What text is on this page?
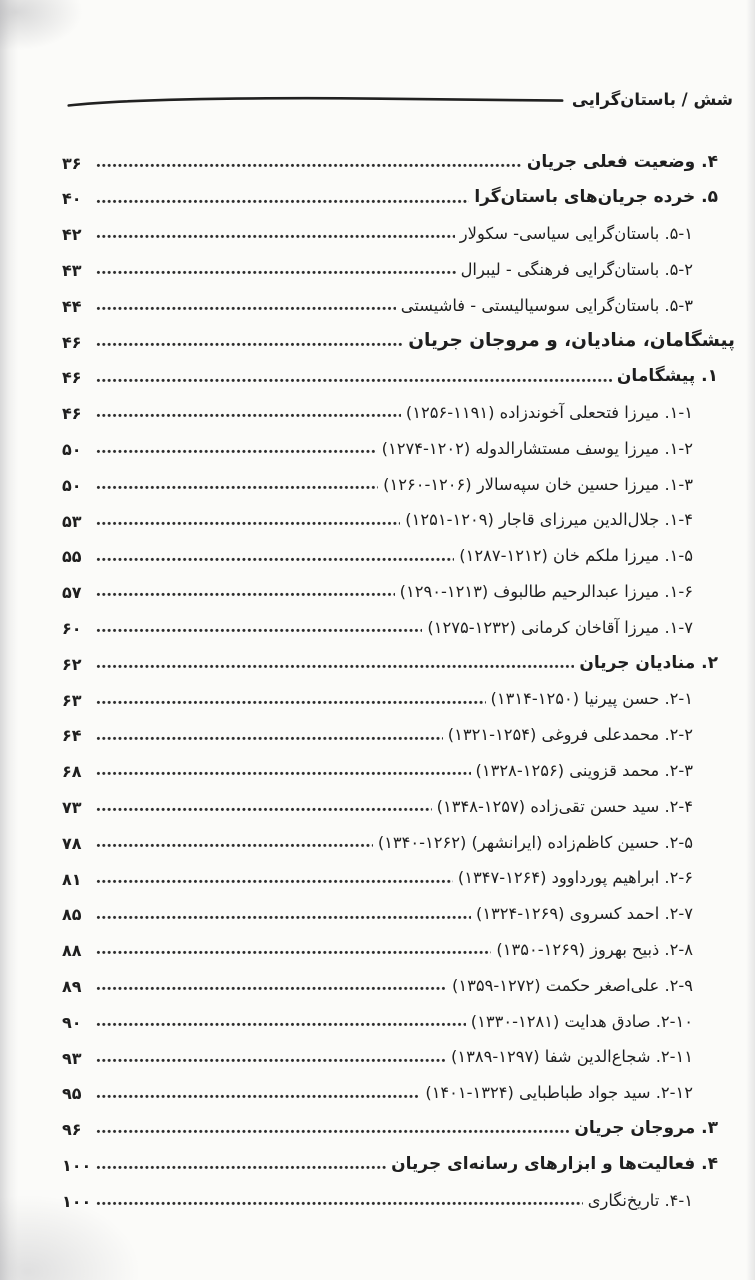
شش / باستان‌گرایی
۴. وضعیت فعلی جریان
۳۶
۵. خرده جریان‌های باستان‌گرا
۴۰
۵-۱. باستان‌گرایی سیاسی- سکولار
۴۲
۵-۲. باستان‌گرایی فرهنگی - لیبرال
۴۳
۵-۳. باستان‌گرایی سوسیالیستی - فاشیستی
۴۴
پیشگامان، منادیان، و مروجان جریان
۴۶
۱. پیشگامان
۴۶
۱-۱. میرزا فتحعلی آخوندزاده (۱۱۹۱-۱۲۵۶)
۴۶
۱-۲. میرزا یوسف مستشارالدوله (۱۲۰۲-۱۲۷۴)
۵۰
۱-۳. میرزا حسین خان سپه‌سالار (۱۲۰۶-۱۲۶۰)
۵۰
۱-۴. جلال‌الدین میرزای قاجار (۱۲۰۹-۱۲۵۱)
۵۳
۱-۵. میرزا ملکم خان (۱۲۱۲-۱۲۸۷)
۵۵
۱-۶. میرزا عبدالرحیم طالبوف (۱۲۱۳-۱۲۹۰)
۵۷
۱-۷. میرزا آقاخان کرمانی (۱۲۳۲-۱۲۷۵)
۶۰
۲. منادیان جریان
۶۲
۲-۱. حسن پیرنیا (۱۲۵۰-۱۳۱۴)
۶۳
۲-۲. محمدعلی فروغی (۱۲۵۴-۱۳۲۱)
۶۴
۲-۳. محمد قزوینی (۱۲۵۶-۱۳۲۸)
۶۸
۲-۴. سید حسن تقی‌زاده (۱۲۵۷-۱۳۴۸)
۷۳
۲-۵. حسین کاظم‌زاده (ایرانشهر) (۱۲۶۲-۱۳۴۰)
۷۸
۲-۶. ابراهیم پورداوود (۱۲۶۴-۱۳۴۷)
۸۱
۲-۷. احمد کسروی (۱۲۶۹-۱۳۲۴)
۸۵
۲-۸. ذبیح بهروز (۱۲۶۹-۱۳۵۰)
۸۸
۲-۹. علی‌اصغر حکمت (۱۲۷۲-۱۳۵۹)
۸۹
۲-۱۰. صادق هدایت (۱۲۸۱-۱۳۳۰)
۹۰
۲-۱۱. شجاع‌الدین شفا (۱۲۹۷-۱۳۸۹)
۹۳
۲-۱۲. سید جواد طباطبایی (۱۳۲۴-۱۴۰۱)
۹۵
۳. مروجان جریان
۹۶
۴. فعالیت‌ها و ابزارهای رسانه‌ای جریان
۱۰۰
۴-۱. تاریخ‌نگاری
۱۰۰
